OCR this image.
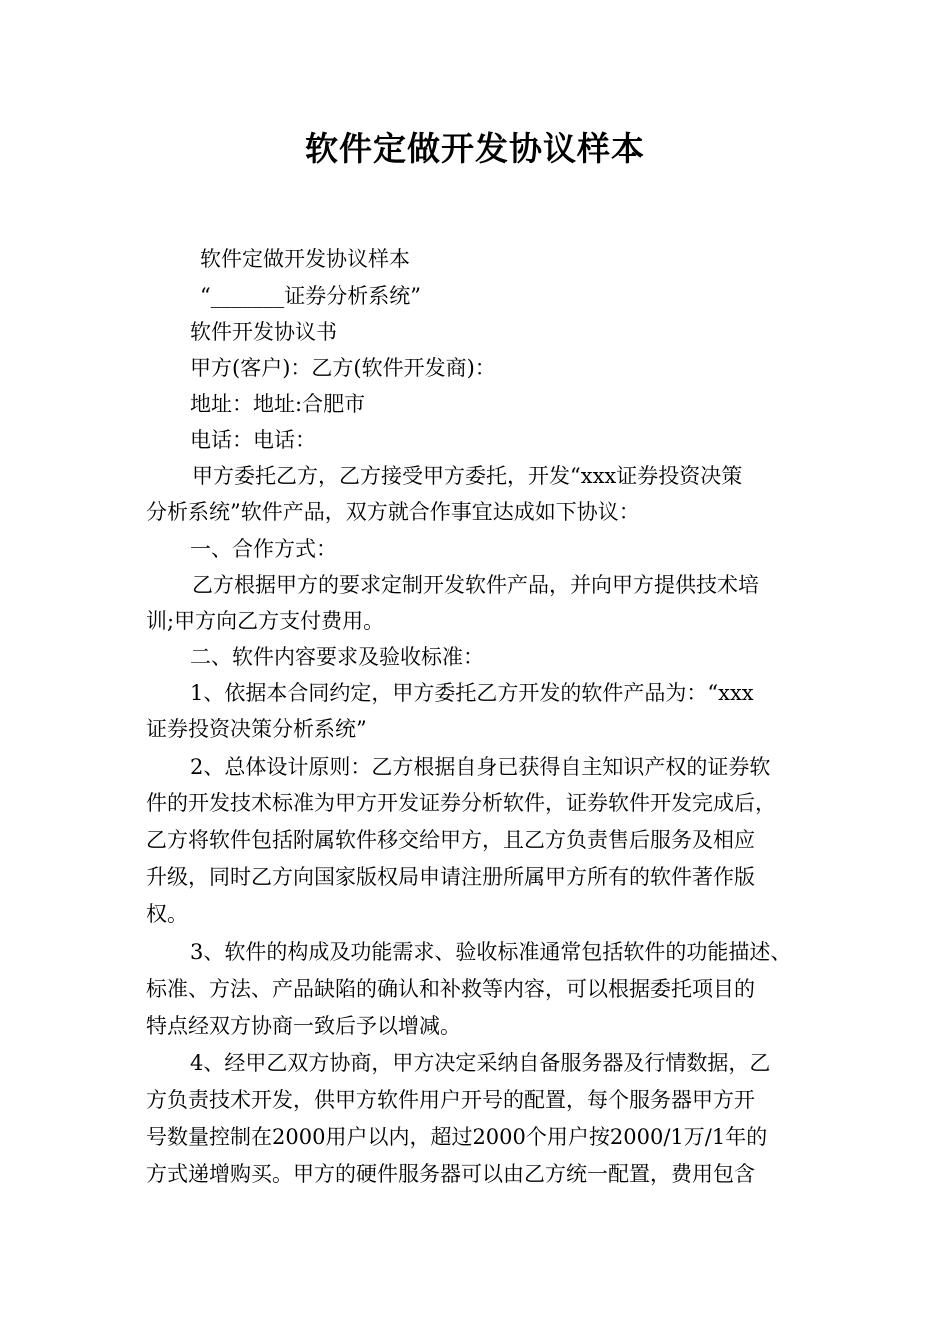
软件定做开发协议样本

软件定做开发协议样本

“_______证券分析系统”

软件开发协议书

甲方(客户)：乙方(软件开发商)：

地址：地址:合肥市

电话：电话：

甲方委托乙方，乙方接受甲方委托，开发“xxx证券投资决策

分析系统”软件产品，双方就合作事宜达成如下协议：

一、合作方式：

乙方根据甲方的要求定制开发软件产品，并向甲方提供技术培

训;甲方向乙方支付费用。

二、软件内容要求及验收标准：

1、依据本合同约定，甲方委托乙方开发的软件产品为：“xxx

证券投资决策分析系统”

2、总体设计原则：乙方根据自身已获得自主知识产权的证券软

件的开发技术标准为甲方开发证券分析软件，证券软件开发完成后，

乙方将软件包括附属软件移交给甲方，且乙方负责售后服务及相应

升级，同时乙方向国家版权局申请注册所属甲方所有的软件著作版

权。

3、软件的构成及功能需求、验收标准通常包括软件的功能描述、

标准、方法、产品缺陷的确认和补救等内容，可以根据委托项目的

特点经双方协商一致后予以增减。

4、经甲乙双方协商，甲方决定采纳自备服务器及行情数据，乙

方负责技术开发，供甲方软件用户开号的配置，每个服务器甲方开

号数量控制在2000用户以内，超过2000个用户按2000/1万/1年的

方式递增购买。甲方的硬件服务器可以由乙方统一配置，费用包含
